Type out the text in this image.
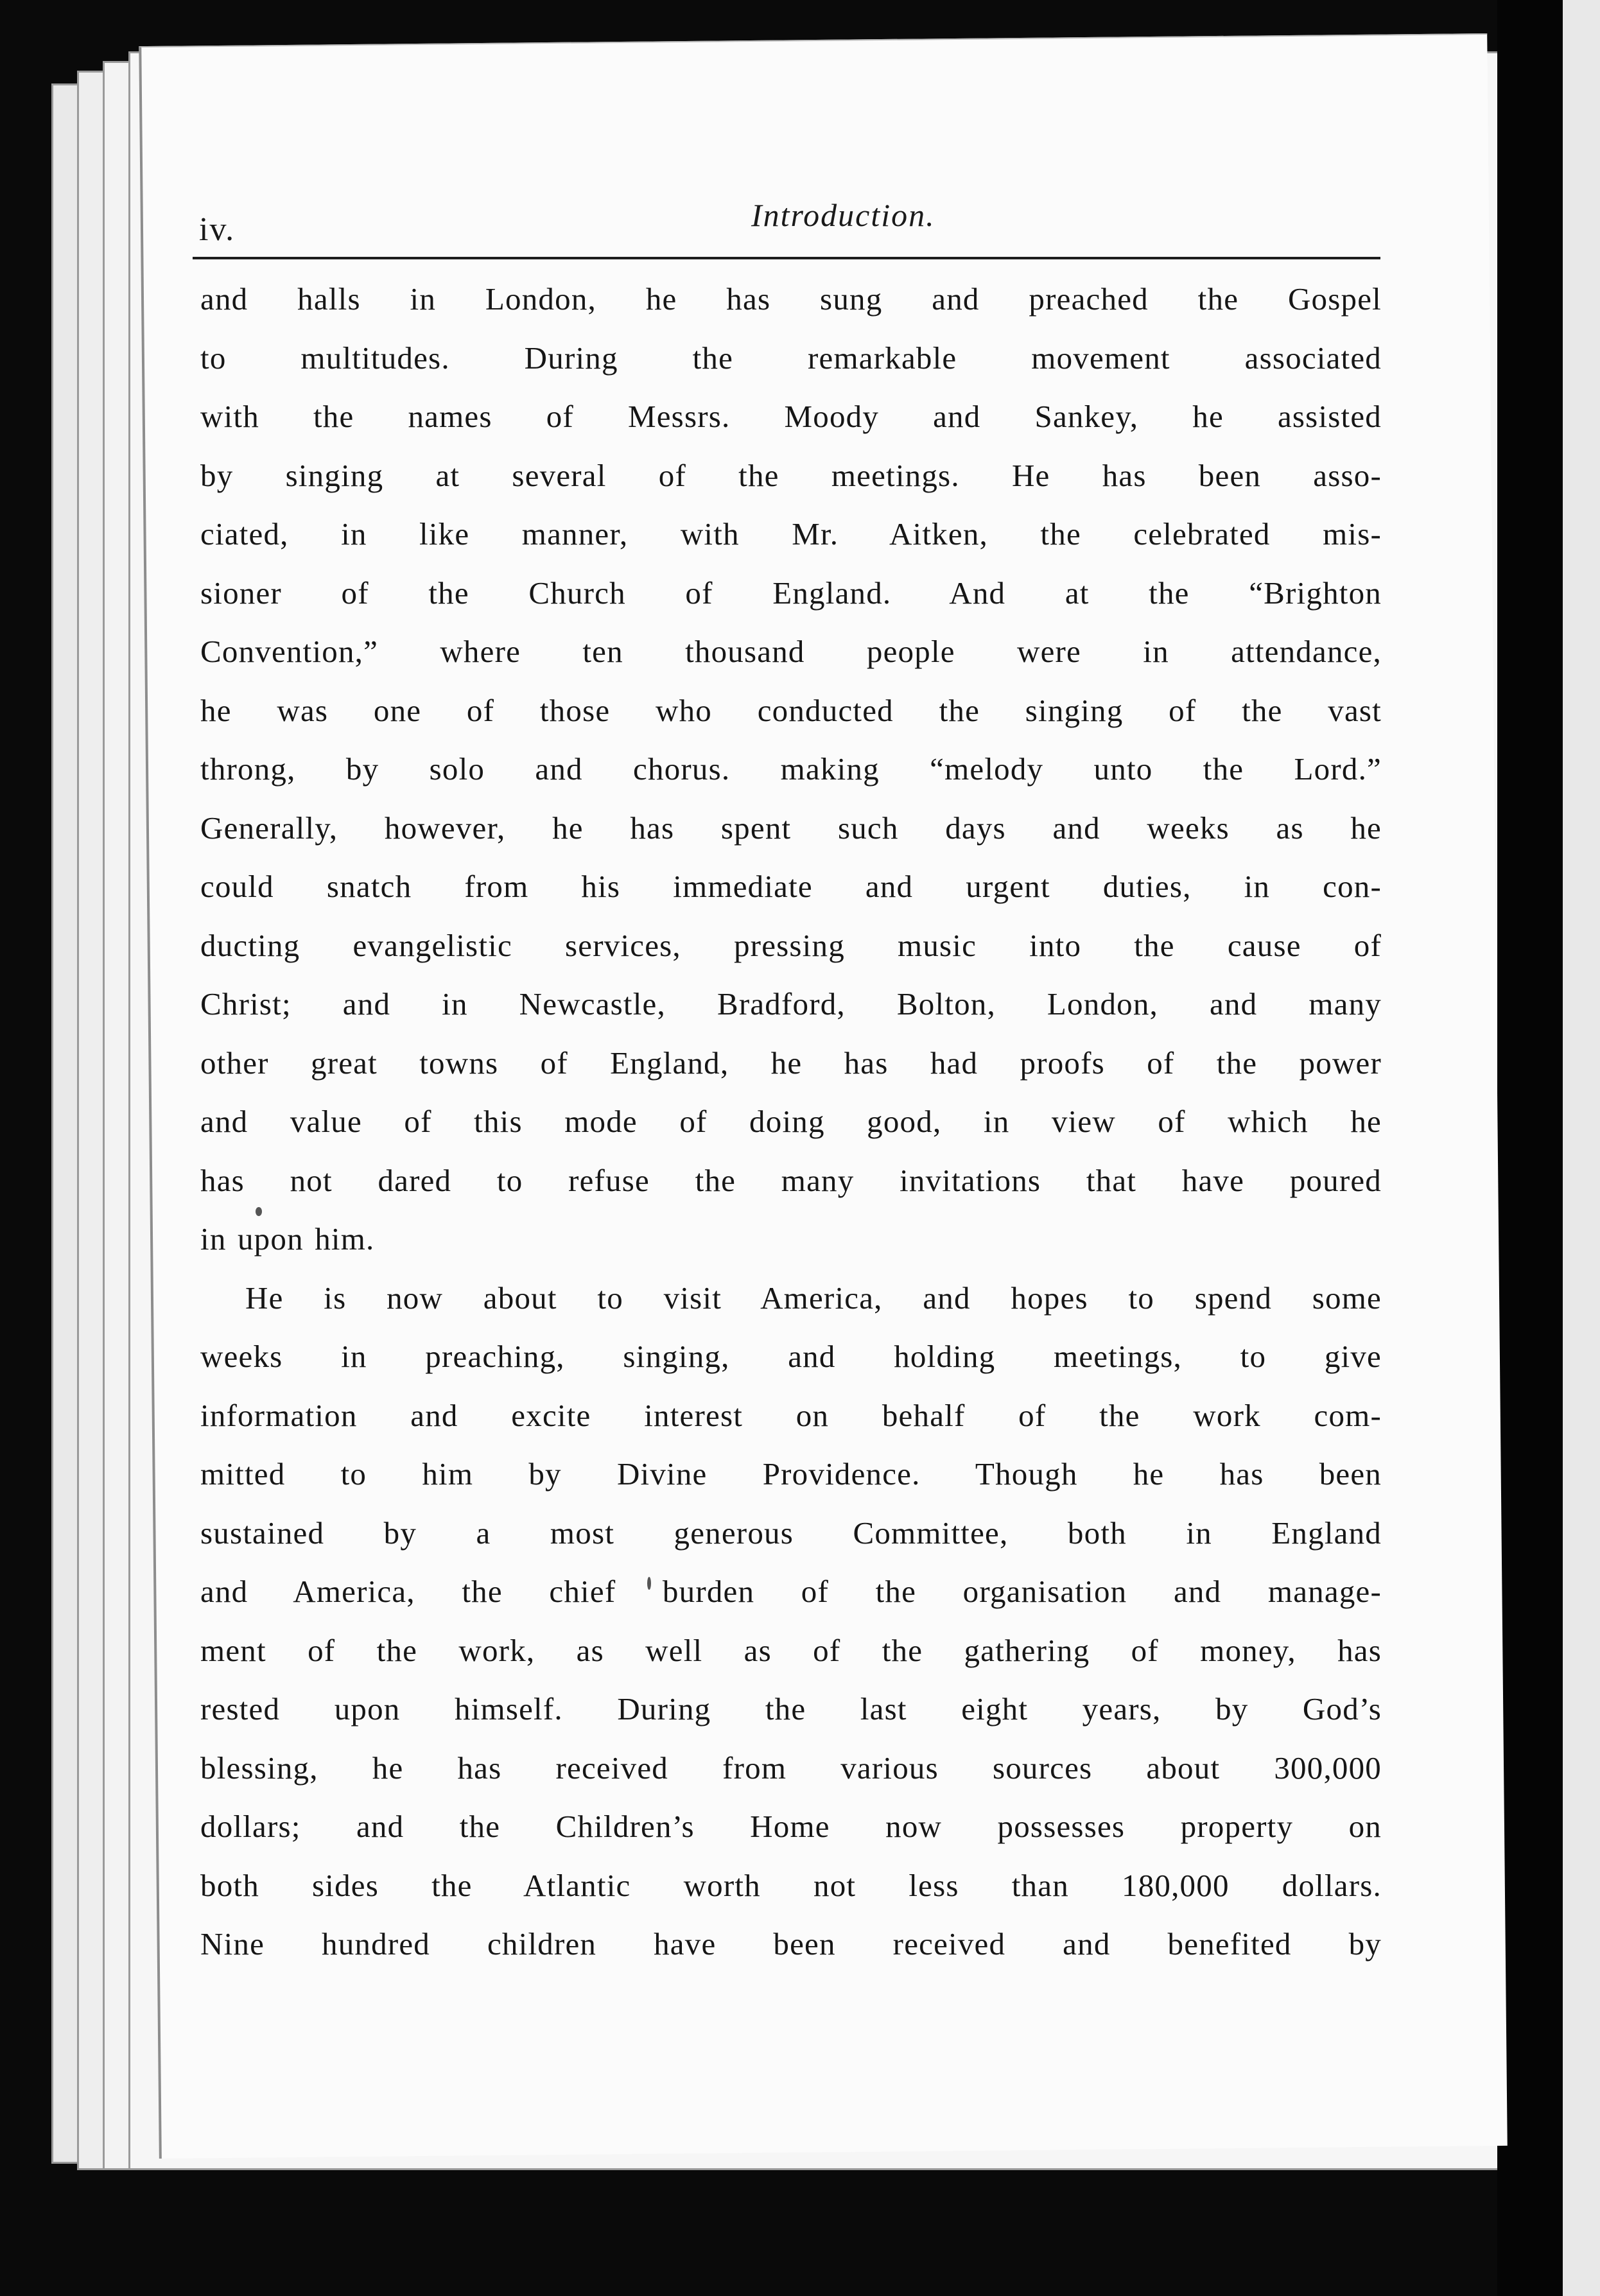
iv.	Introduction.
and halls in London, he has sung and preached the Gospel
to multitudes. During the remarkable movement associated
with the names of Messrs. Moody and Sankey, he assisted
by singing at several of the meetings. He has been asso-
ciated, in like manner, with Mr. Aitken, the celebrated mis-
sioner of the Church of England. And at the “Brighton
Convention,” where ten thousand people were in attendance,
he was one of those who conducted the singing of the vast
throng, by solo and chorus. making “melody unto the Lord.”
Generally, however, he has spent such days and weeks as he
could snatch from his immediate and urgent duties, in con-
ducting evangelistic services, pressing music into the cause of
Christ; and in Newcastle, Bradford, Bolton, London, and many
other great towns of England, he has had proofs of the power
and value of this mode of doing good, in view of which he
has not dared to refuse the many invitations that have poured
in upon him.
He is now about to visit America, and hopes to spend some
weeks in preaching, singing, and holding meetings, to give
information and excite interest on behalf of the work com-
mitted to him by Divine Providence. Though he has been
sustained by a most generous Committee, both in England
and America, the chief burden of the organisation and manage-
ment of the work, as well as of the gathering of money, has
rested upon himself. During the last eight years, by God’s
blessing, he has received from various sources about 300,000
dollars; and the Children’s Home now possesses property on
both sides the Atlantic worth not less than 180,000 dollars.
Nine hundred children have been received and benefited by
